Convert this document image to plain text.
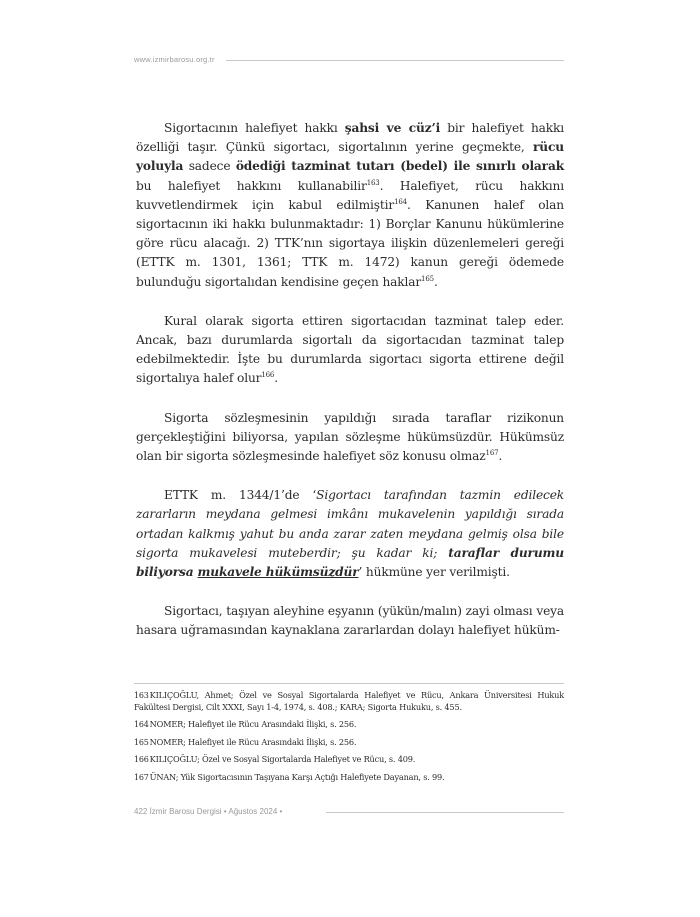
www.izmirbarosu.org.tr

Sigortacının halefiyet hakkı şahsi ve cüz’i bir halefiyet hakkı özelliği taşır. Çünkü sigortacı, sigortalının yerine geçmekte, rücu yoluyla sadece ödediği tazminat tutarı (bedel) ile sınırlı olarak bu halefiyet hakkını kullanabilir$^{163}$. Halefiyet, rücu hakkını kuvvetlendirmek için kabul edilmiştir$^{164}$. Kanunen halef olan sigortacının iki hakkı bulunmaktadır: 1) Borçlar Kanunu hükümlerine göre rücu alacağı. 2) TTK’nın sigortaya ilişkin düzenlemeleri gereği (ETTK m. 1301, 1361; TTK m. 1472) kanun gereği ödemede bulunduğu sigortalıdan kendisine geçen haklar$^{165}$.

Kural olarak sigorta ettiren sigortacıdan tazminat talep eder. Ancak, bazı durumlarda sigortalı da sigortacıdan tazminat talep edebilmektedir. İşte bu durumlarda sigortacı sigorta ettirene değil sigortalıya halef olur$^{166}$.

Sigorta sözleşmesinin yapıldığı sırada taraflar rizikonun gerçekleştiğini biliyorsa, yapılan sözleşme hükümsüzdür. Hükümsüz olan bir sigorta sözleşmesinde halefiyet söz konusu olmaz$^{167}$.

ETTK m. 1344/1’de ‘Sigortacı tarafından tazmin edilecek zararların meydana gelmesi imkânı mukavelenin yapıldığı sırada ortadan kalkmış yahut bu anda zarar zaten meydana gelmiş olsa bile sigorta mukavelesi muteberdir; şu kadar ki; taraflar durumu biliyorsa mukavele hükümsüzdür’ hükmüne yer verilmişti.

Sigortacı, taşıyan aleyhine eşyanın (yükün/malın) zayi olması veya hasara uğramasından kaynaklana zararlardan dolayı halefiyet hüküm-

163KILIÇOĞLU, Ahmet; Özel ve Sosyal Sigortalarda Halefiyet ve Rücu, Ankara Üniversitesi Hukuk Fakültesi Dergisi, Cilt XXXI, Sayı 1-4, 1974, s. 408.; KARA; Sigorta Hukuku, s. 455.

164NOMER; Halefiyet ile Rücu Arasındaki İlişki, s. 256.

165NOMER; Halefiyet ile Rücu Arasındaki İlişki, s. 256.

166KILIÇOĞLU; Özel ve Sosyal Sigortalarda Halefiyet ve Rücu, s. 409.

167ÜNAN; Yük Sigortacısının Taşıyana Karşı Açtığı Halefiyete Dayanan, s. 99.

422 İzmir Barosu Dergisi • Ağustos 2024 •
